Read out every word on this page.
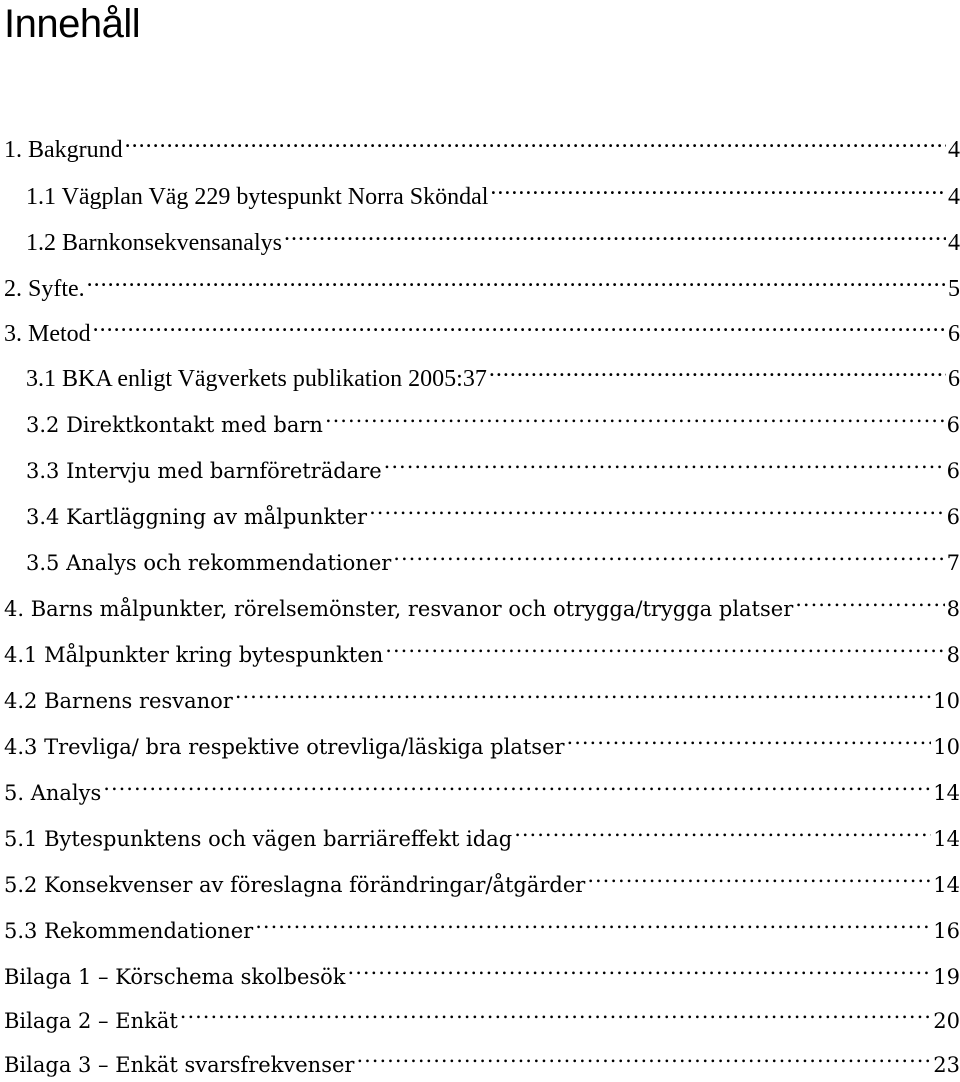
Innehåll
1. Bakgrund .....	4
1.1 Vägplan Väg 229 bytespunkt Norra Sköndal .....	4
1.2 Barnkonsekvensanalys .....	4
2. Syfte. .....	5
3. Metod .....	6
3.1 BKA enligt Vägverkets publikation 2005:37 .....	6
3.2 Direktkontakt med barn .....	6
3.3 Intervju med barnföreträdare .....	6
3.4 Kartläggning av målpunkter .....	6
3.5 Analys och rekommendationer .....	7
4. Barns målpunkter, rörelsemönster, resvanor och otrygga/trygga platser .....	8
4.1 Målpunkter kring bytespunkten .....	8
4.2 Barnens resvanor .....	10
4.3 Trevliga/ bra respektive otrevliga/läskiga platser .....	10
5. Analys .....	14
5.1 Bytespunktens och vägen barriäreffekt idag .....	14
5.2 Konsekvenser av föreslagna förändringar/åtgärder .....	14
5.3 Rekommendationer .....	16
Bilaga 1 – Körschema skolbesök .....	19
Bilaga 2 – Enkät .....	20
Bilaga 3 – Enkät svarsfrekvenser .....	23
